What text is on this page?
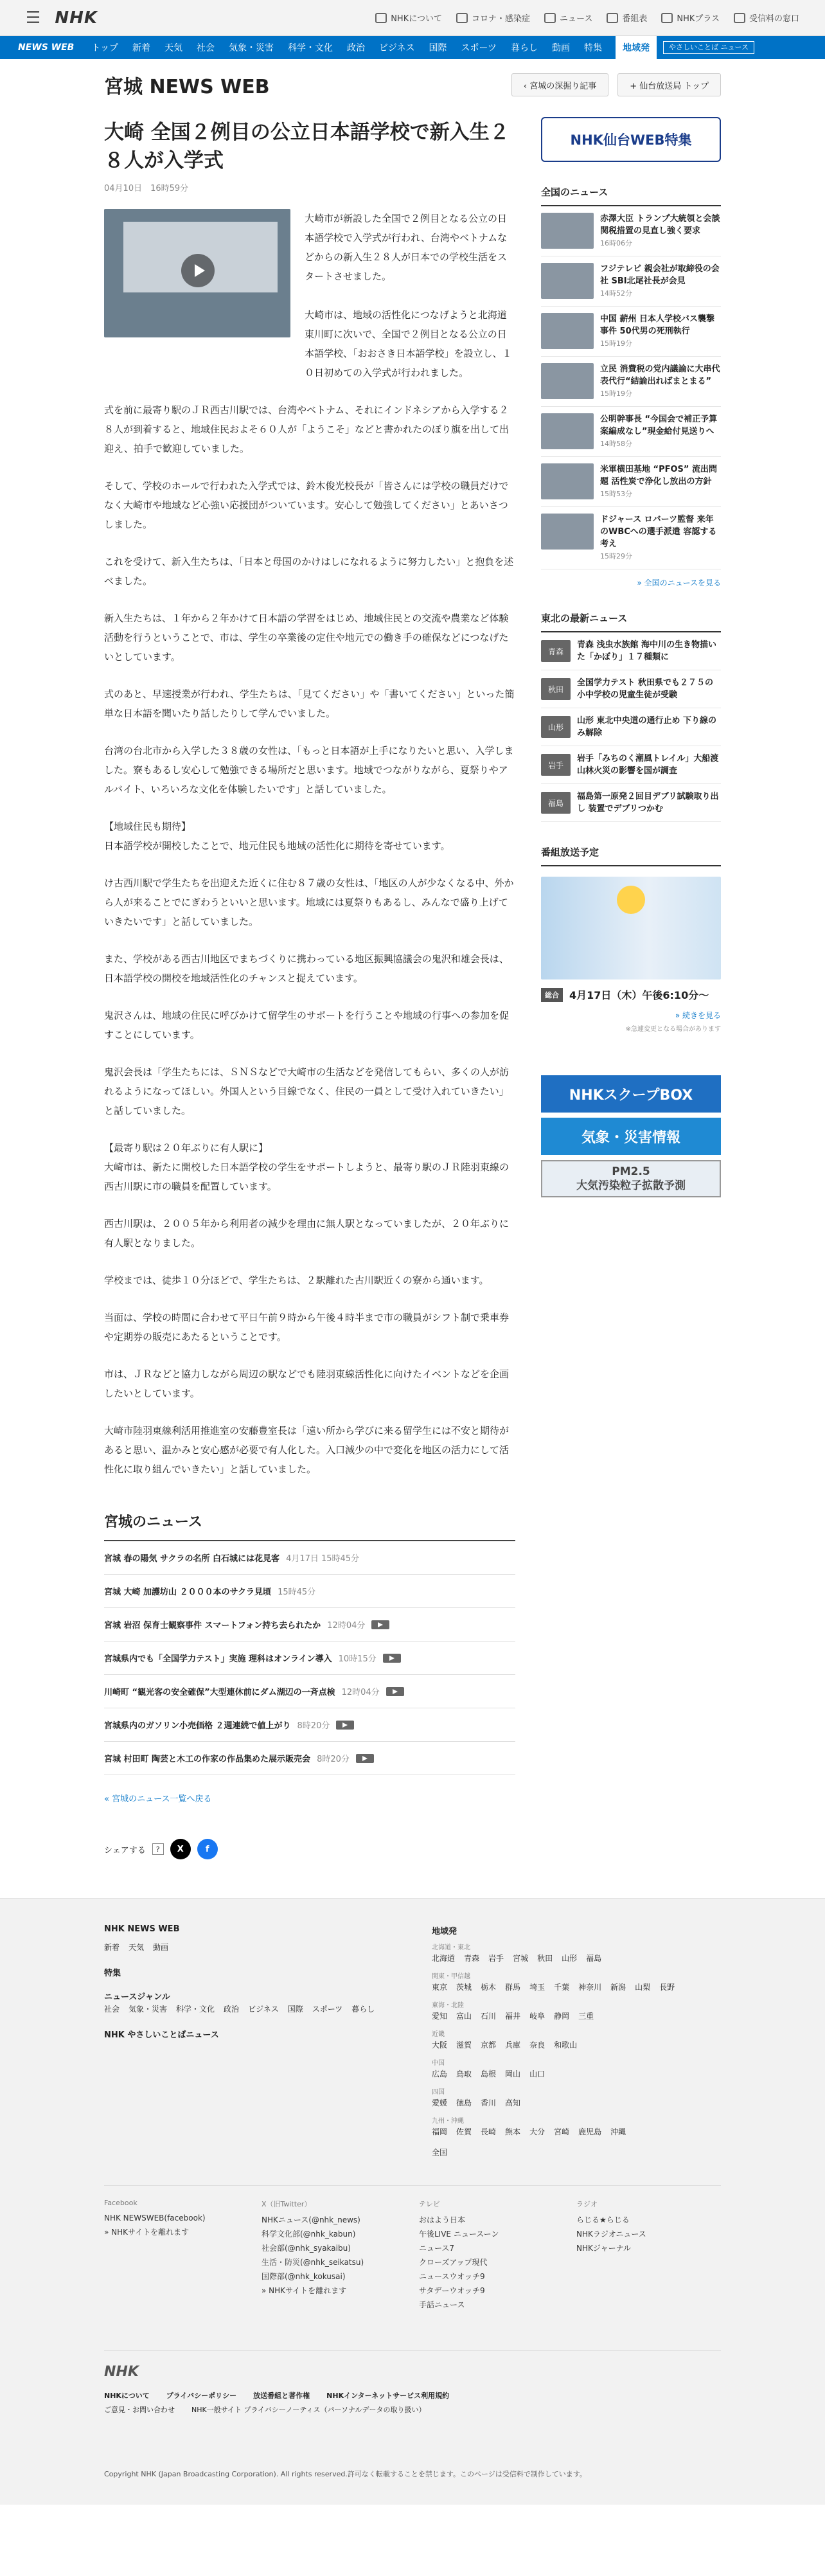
☰ NHK	NHKについて	コロナ・感染症	ニュース	番組表	NHKプラス	受信料の窓口
NEWS WEB	トップ	新着	天気	社会	気象・災害	科学・文化	政治	ビジネス	国際	スポーツ	暮らし	動画	特集	地域発	やさしいことば ニュース
宮城 NEWS WEB	‹ 宮城の深掘り記事	+ 仙台放送局 トップ
大崎 全国２例目の公立日本語学校で新入生２８人が入学式
04月10日　16時59分
大崎市が新設した全国で２例目となる公立の日本語学校で入学式が行われ、台湾やベトナムなどからの新入生２８人が日本での学校生活をスタートさせました。

大崎市は、地域の活性化につなげようと北海道東川町に次いで、全国で２例目となる公立の日本語学校、「おおさき日本語学校」を設立し、１０日初めての入学式が行われました。

式を前に最寄り駅のＪＲ西古川駅では、台湾やベトナム、それにインドネシアから入学する２８人が到着すると、地域住民およそ６０人が「ようこそ」などと書かれたのぼり旗を出して出迎え、拍手で歓迎していました。

そして、学校のホールで行われた入学式では、鈴木俊光校長が「皆さんには学校の職員だけでなく大崎市や地域など心強い応援団がついています。安心して勉強してください」とあいさつしました。

これを受けて、新入生たちは、「日本と母国のかけはしになれるように努力したい」と抱負を述べました。

新入生たちは、１年から２年かけて日本語の学習をはじめ、地域住民との交流や農業など体験活動を行うということで、市は、学生の卒業後の定住や地元での働き手の確保などにつなげたいとしています。

式のあと、早速授業が行われ、学生たちは、「見てください」や「書いてください」といった簡単な日本語を聞いたり話したりして学んでいました。

台湾の台北市から入学した３８歳の女性は、「もっと日本語が上手になりたいと思い、入学しました。寮もあるし安心して勉強できる場所だと思います。地域でつながりながら、夏祭りやアルバイト、いろいろな文化を体験したいです」と話していました。

【地域住民も期待】
日本語学校が開校したことで、地元住民も地域の活性化に期待を寄せています。

け古西川駅で学生たちを出迎えた近くに住む８７歳の女性は、「地区の人が少なくなる中、外から人が来ることでにぎわうといいと思います。地域には夏祭りもあるし、みんなで盛り上げていきたいです」と話していました。

また、学校がある西古川地区でまちづくりに携わっている地区振興協議会の鬼沢和雄会長は、日本語学校の開校を地域活性化のチャンスと捉えています。

鬼沢さんは、地域の住民に呼びかけて留学生のサポートを行うことや地域の行事への参加を促すことにしています。

鬼沢会長は「学生たちには、ＳＮＳなどで大崎市の生活などを発信してもらい、多くの人が訪れるようになってほしい。外国人という目線でなく、住民の一員として受け入れていきたい」と話していました。

【最寄り駅は２０年ぶりに有人駅に】
大崎市は、新たに開校した日本語学校の学生をサポートしようと、最寄り駅のＪＲ陸羽東線の西古川駅に市の職員を配置しています。

西古川駅は、２００５年から利用者の減少を理由に無人駅となっていましたが、２０年ぶりに有人駅となりました。

学校までは、徒歩１０分ほどで、学生たちは、２駅離れた古川駅近くの寮から通います。

当面は、学校の時間に合わせて平日午前９時から午後４時半まで市の職員がシフト制で乗車券や定期券の販売にあたるということです。

市は、ＪＲなどと協力しながら周辺の駅などでも陸羽東線活性化に向けたイベントなどを企画したいとしています。

大崎市陸羽東線利活用推進室の安藤豊室長は「遠い所から学びに来る留学生には不安と期待があると思い、温かみと安心感が必要で有人化した。入口減少の中で変化を地区の活力にして活性化に取り組んでいきたい」と話していました。

宮城のニュース
宮城 春の陽気 サクラの名所 白石城には花見客 4月17日 15時45分
宮城 大崎 加護坊山 ２０００本のサクラ見頃 15時45分
宮城 岩沼 保育士観察事件 スマートフォン持ち去られたか 12時04分
宮城県内でも「全国学力テスト」実施 理科はオンライン導入 10時15分
川崎町 “観光客の安全確保”大型連休前にダム湖辺の一斉点検 12時04分
宮城県内のガソリン小売価格 ２週連続で値上がり 8時20分
宮城 村田町 陶芸と木工の作家の作品集めた展示販売会 8時20分
« 宮城のニュース一覧へ戻る
シェアする	?	X	f
NHK仙台WEB特集
全国のニュース
赤澤大臣 トランプ大統領と会談 関税措置の見直し強く要求
16時06分
フジテレビ 親会社が取締役の会社 SBI北尾社長が会見
14時52分
中国 薪州 日本人学校バス襲撃事件 50代男の死刑執行
15時19分
立民 消費税の党内議論に大串代表代行“結論出ればまとまる”
15時19分
公明幹事長 “今国会で補正予算案編成なし”現金給付見送りへ
14時58分
米軍横田基地 “PFOS” 流出問題 活性炭で浄化し放出の方針
15時53分
ドジャース ロバーツ監督 来年のWBCへの選手派遣 容認する考え
15時29分
» 全国のニュースを見る
東北の最新ニュース
青森
青森 浅虫水族館 海中川の生き物描いた「かぼり」１７種類に
秋田
全国学力テスト 秋田県でも２７５の小中学校の児童生徒が受験
山形
山形 東北中央道の通行止め 下り線のみ解除
岩手
岩手「みちのく潮風トレイル」大船渡山林火災の影響を国が調査
福島
福島第一原発２回目デブリ試験取り出し 装置でデブリつかむ
番組放送予定
総合	4月17日（木）午後6:10分～
» 続きを見る
※急遽変更となる場合があります
NHKスクープBOX
気象・災害情報
PM2.5
大気汚染粒子拡散予測
NHK NEWS WEB
新着 天気 動画
特集
ニュースジャンル
社会 気象・災害 科学・文化 政治 ビジネス 国際 スポーツ 暮らし
NHK やさしいことばニュース
地域発
北海道・東北
北海道 青森 岩手 宮城 秋田 山形 福島
関東・甲信越
東京 茨城 栃木 群馬 埼玉 千葉 神奈川 新潟 山梨 長野
東海・北陸
愛知 富山 石川 福井 岐阜 静岡 三重
近畿
大阪 滋賀 京都 兵庫 奈良 和歌山
中国
広島 鳥取 島根 岡山 山口
四国
愛媛 徳島 香川 高知
九州・沖縄
福岡 佐賀 長崎 熊本 大分 宮崎 鹿児島 沖縄
全国
Facebook
NHK NEWSWEB(facebook)
» NHKサイトを離れます
X（旧Twitter）
NHKニュース(@nhk_news)
科学文化部(@nhk_kabun)
社会部(@nhk_syakaibu)
生活・防災(@nhk_seikatsu)
国際部(@nhk_kokusai)
» NHKサイトを離れます
テレビ
おはよう日本
午後LIVE ニュースーン
ニュース7
クローズアップ現代
ニュースウオッチ9
サタデーウオッチ9
手話ニュース
ラジオ
らじる★らじる
NHKラジオニュース
NHKジャーナル
NHK
NHKについて プライバシーポリシー 放送番組と著作権 NHKインターネットサービス利用規約
ご意見・お問い合わせ NHK一般サイト プライバシーノーティス（パーソナルデータの取り扱い）
Copyright NHK (Japan Broadcasting Corporation). All rights reserved.許可なく転載することを禁じます。このページは受信料で制作しています。
